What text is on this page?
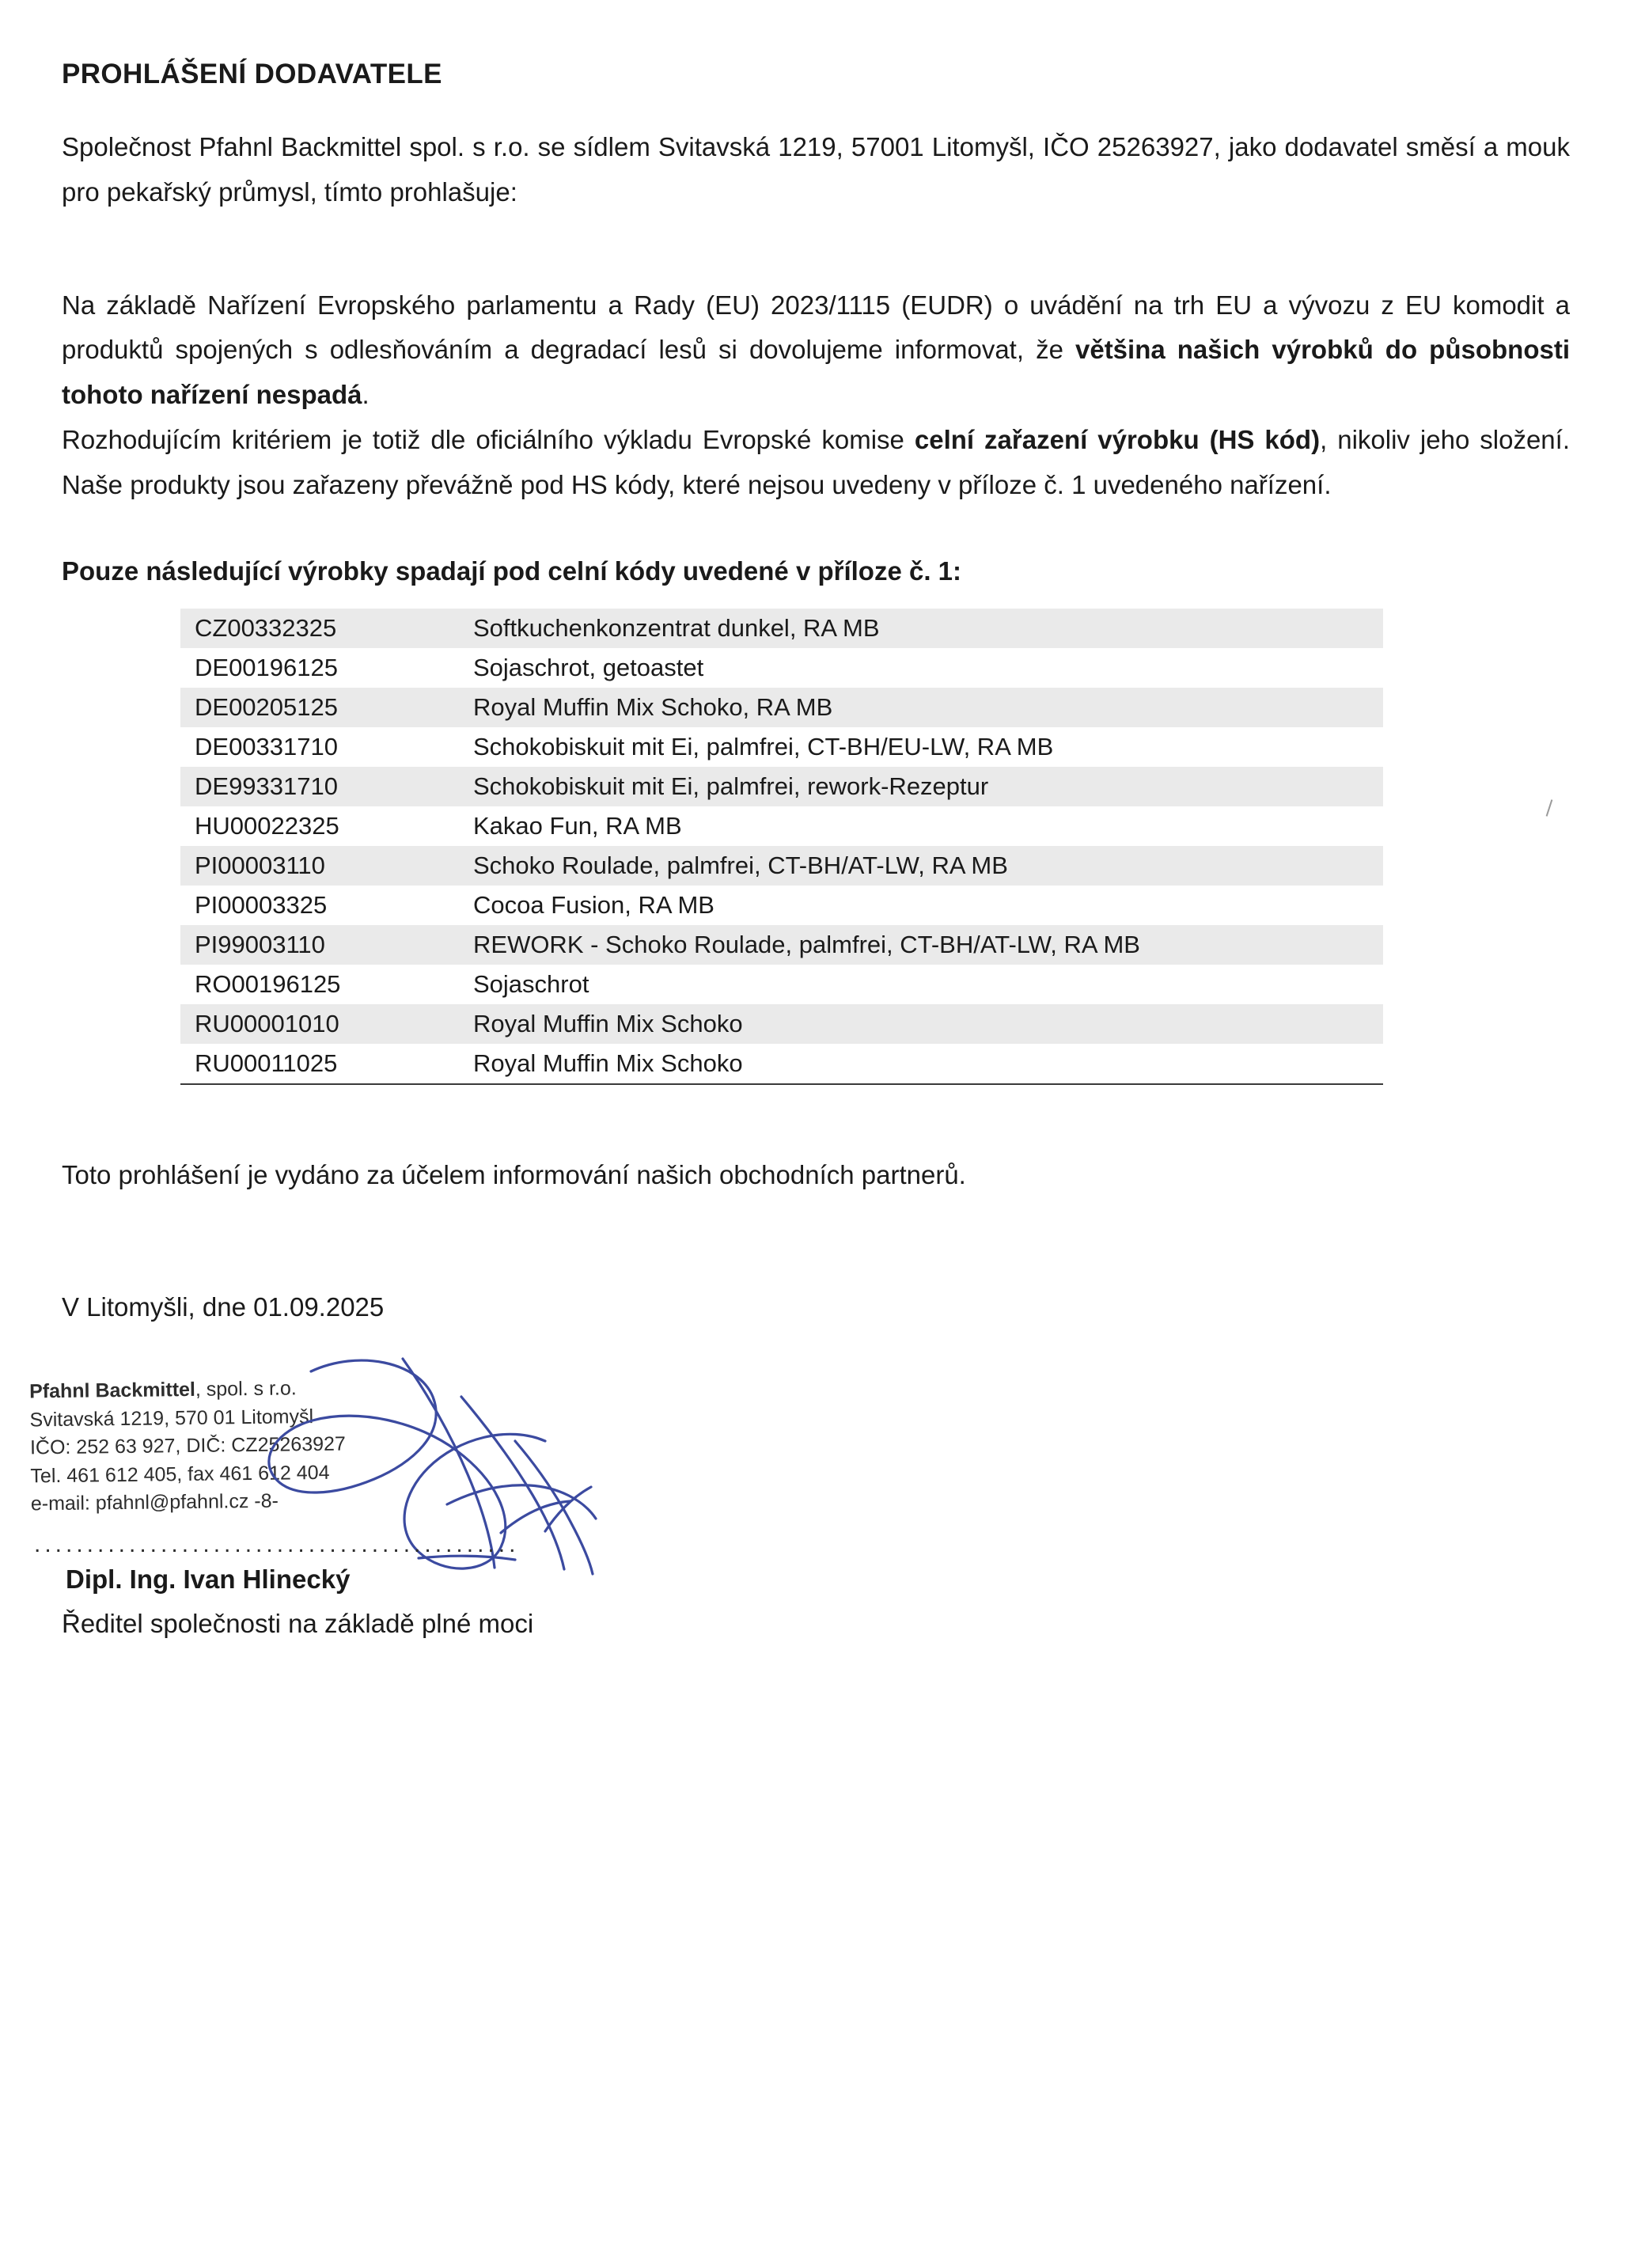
PROHLÁŠENÍ DODAVATELE

Společnost Pfahnl Backmittel spol. s r.o. se sídlem Svitavská 1219, 57001 Litomyšl, IČO 25263927, jako dodavatel směsí a mouk pro pekařský průmysl, tímto prohlašuje:

Na základě Nařízení Evropského parlamentu a Rady (EU) 2023/1115 (EUDR) o uvádění na trh EU a vývozu z EU komodit a produktů spojených s odlesňováním a degradací lesů si dovolujeme informovat, že většina našich výrobků do působnosti tohoto nařízení nespadá.

Rozhodujícím kritériem je totiž dle oficiálního výkladu Evropské komise celní zařazení výrobku (HS kód), nikoliv jeho složení. Naše produkty jsou zařazeny převážně pod HS kódy, které nejsou uvedeny v příloze č. 1 uvedeného nařízení.

Pouze následující výrobky spadají pod celní kódy uvedené v příloze č. 1:

CZ00332325	Softkuchenkonzentrat dunkel, RA MB
DE00196125	Sojaschrot, getoastet
DE00205125	Royal Muffin Mix Schoko, RA MB
DE00331710	Schokobiskuit mit Ei, palmfrei, CT-BH/EU-LW, RA MB
DE99331710	Schokobiskuit mit Ei, palmfrei, rework-Rezeptur
HU00022325	Kakao Fun, RA MB
PI00003110	Schoko Roulade, palmfrei, CT-BH/AT-LW, RA MB
PI00003325	Cocoa Fusion, RA MB
PI99003110	REWORK - Schoko Roulade, palmfrei, CT-BH/AT-LW, RA MB
RO00196125	Sojaschrot
RU00001010	Royal Muffin Mix Schoko
RU00011025	Royal Muffin Mix Schoko

Toto prohlášení je vydáno za účelem informování našich obchodních partnerů.

V Litomyšli, dne 01.09.2025

Pfahnl Backmittel, spol. s r.o.
Svitavská 1219, 570 01 Litomyšl
IČO: 252 63 927, DIČ: CZ25263927
Tel. 461 612 405, fax 461 612 404
e-mail: pfahnl@pfahnl.cz -8-
..............................................
Dipl. Ing. Ivan Hlinecký
Ředitel společnosti na základě plné moci
